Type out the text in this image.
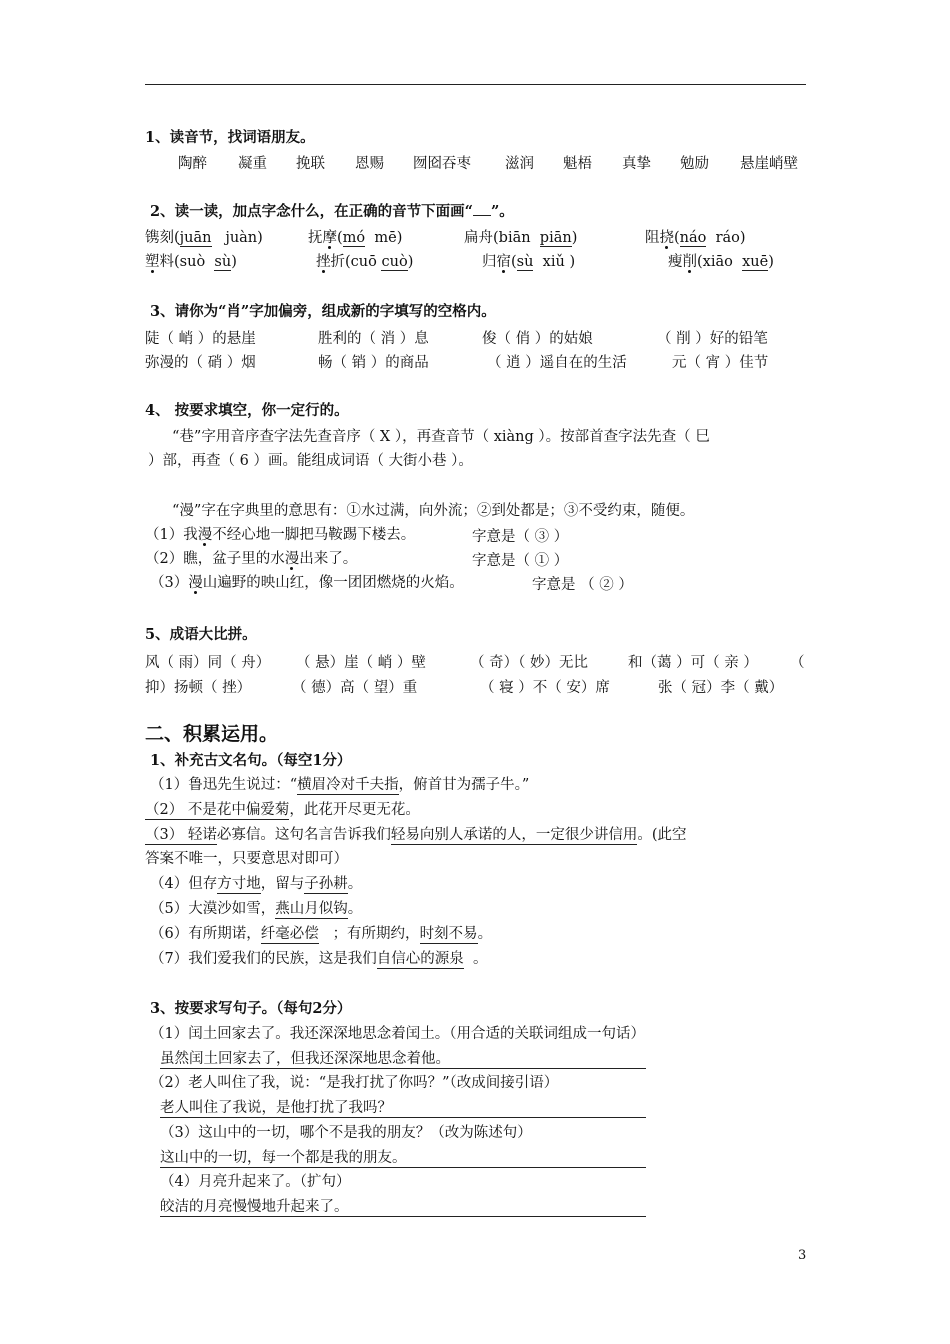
1、读音节，找词语朋友。
陶醉 凝重 挽联 恩赐 囫囵吞枣 滋润 魁梧 真挚 勉励 悬崖峭壁
2、读一读，加点字念什么，在正确的音节下面画“ ”。
镌刻(juān juàn)	抚摩(mó mē)	扁舟(biān piān)	阻挠(náo ráo)
塑料(suò sù)	挫折(cuō cuò)	归宿(sù xiǔ )	瘦削(xiāo xuē)
3、请你为“肖”字加偏旁，组成新的字填写的空格内。
陡（ 峭 ）的悬崖	胜利的（ 消 ）息	俊（ 俏 ）的姑娘	（ 削 ）好的铅笔
弥漫的（ 硝 ）烟	畅（ 销 ）的商品	（ 逍 ）遥自在的生活	元（ 宵 ）佳节
4、 按要求填空，你一定行的。
“巷”字用音序查字法先查音序（ X ），再查音节（ xiàng ）。按部首查字法先查（ 巳
）部，再查（ 6 ）画。能组成词语（ 大街小巷 ）。
“漫”字在字典里的意思有：①水过满，向外流；②到处都是；③不受约束，随便。
（1）我漫不经心地一脚把马鞍踢下楼去。	字意是（ ③ ）
（2）瞧，盆子里的水漫出来了。	字意是（ ① ）
（3）漫山遍野的映山红，像一团团燃烧的火焰。	字意是 （ ② ）
5、成语大比拼。
风（ 雨）同（ 舟） （ 悬）崖（ 峭 ）壁	（ 奇）（ 妙）无比	和（蔼 ）可（ 亲 ） （
抑）扬顿（ 挫）	（ 德）高（ 望）重	（ 寝 ）不（ 安）席	张（ 冠）李（ 戴）
二、积累运用。
1、补充古文名句。（每空1分）
（1）鲁迅先生说过：“横眉冷对千夫指，俯首甘为孺子牛。”
（2） 不是花中偏爱菊，此花开尽更无花。
（3） 轻诺必寡信。这句名言告诉我们轻易向别人承诺的人，一定很少讲信用。(此空
答案不唯一，只要意思对即可）
（4）但存方寸地，留与子孙耕。
（5）大漠沙如雪，燕山月似钩。
（6）有所期诺，纤毫必偿   ；有所期约，时刻不易。
（7）我们爱我们的民族，这是我们自信心的源泉  。
3、按要求写句子。（每句2分）
（1）闰土回家去了。我还深深地思念着闰土。（用合适的关联词组成一句话）
虽然闰土回家去了，但我还深深地思念着他。
（2）老人叫住了我，说：“是我打扰了你吗？”（改成间接引语）
老人叫住了我说，是他打扰了我吗？
（3）这山中的一切，哪个不是我的朋友？（改为陈述句）
这山中的一切，每一个都是我的朋友。
（4）月亮升起来了。（扩句）
皎洁的月亮慢慢地升起来了。
3
